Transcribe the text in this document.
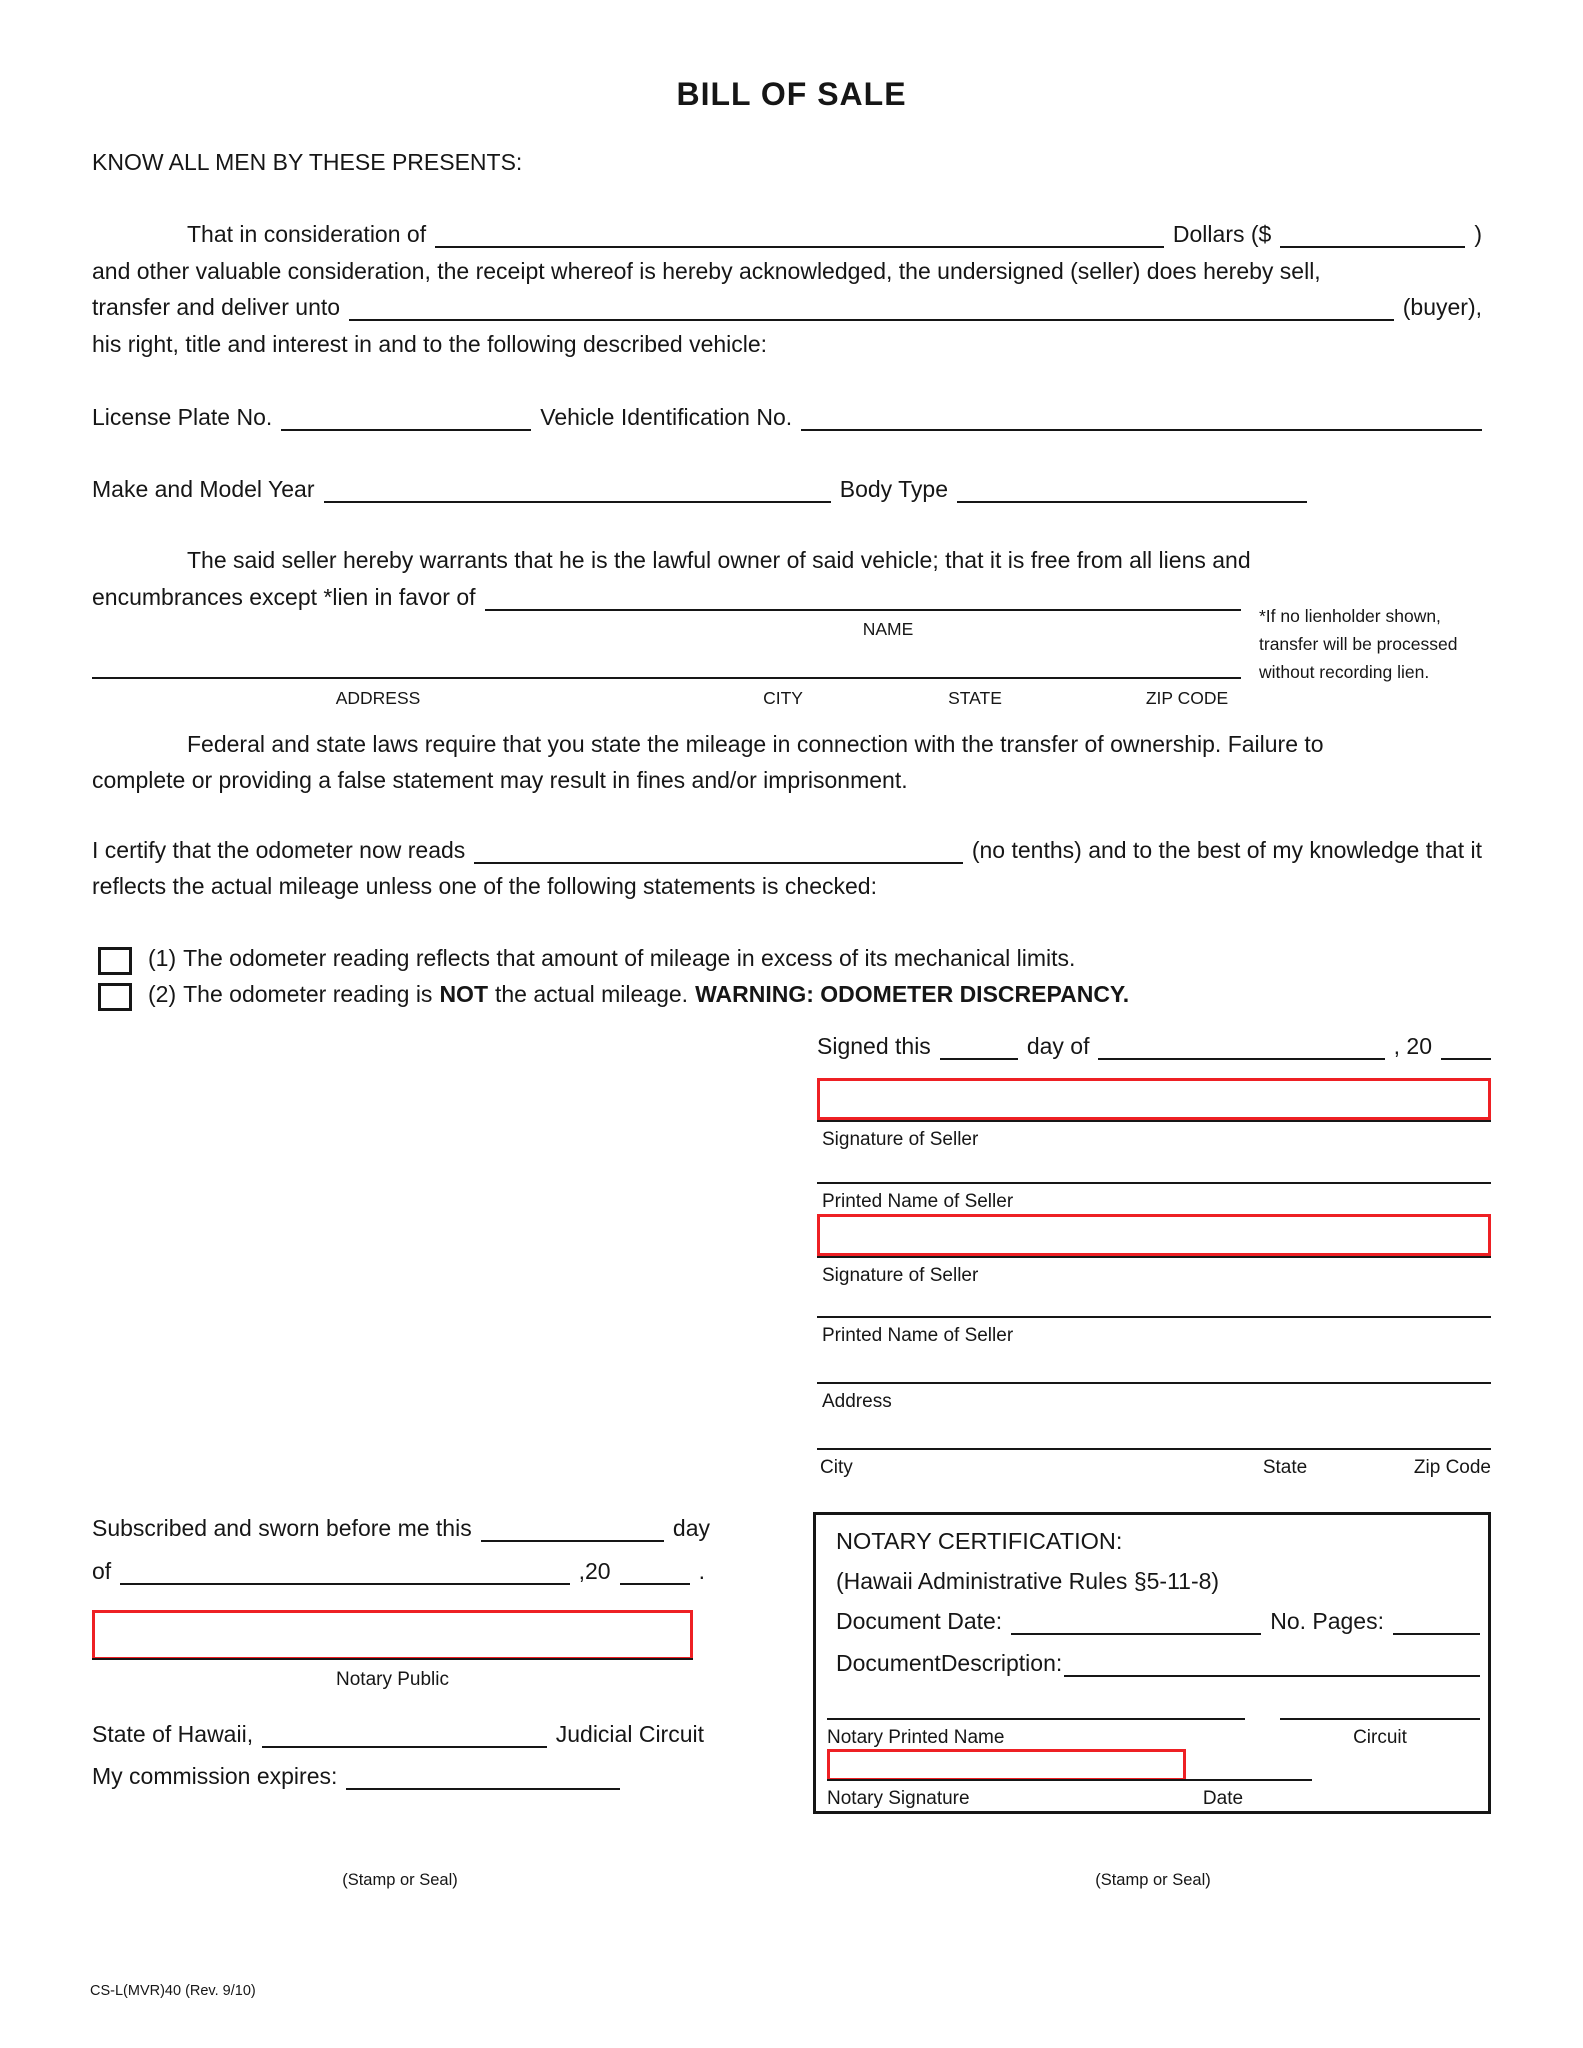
BILL OF SALE
KNOW ALL MEN BY THESE PRESENTS:
That in consideration of	Dollars ($	)
and other valuable consideration, the receipt whereof is hereby acknowledged, the undersigned (seller) does hereby sell,
transfer and deliver unto	(buyer),
his right, title and interest in and to the following described vehicle:
License Plate No.	Vehicle Identification No.
Make and Model Year	Body Type
The said seller hereby warrants that he is the lawful owner of said vehicle; that it is free from all liens and
encumbrances except *lien in favor of
NAME
*If no lienholder shown,
transfer will be processed
without recording lien.
ADDRESS	CITY	STATE	ZIP CODE
Federal and state laws require that you state the mileage in connection with the transfer of ownership. Failure to
complete or providing a false statement may result in fines and/or imprisonment.
I certify that the odometer now reads	(no tenths) and to the best of my knowledge that it
reflects the actual mileage unless one of the following statements is checked:
(1) The odometer reading reflects that amount of mileage in excess of its mechanical limits.
(2) The odometer reading is NOT the actual mileage. WARNING: ODOMETER DISCREPANCY.
Signed this	day of	, 20
Signature of Seller
Printed Name of Seller
Signature of Seller
Printed Name of Seller
Address
City	State	Zip Code
Subscribed and sworn before me this	day
of	,20	.
Notary Public
State of Hawaii,	Judicial Circuit
My commission expires:
NOTARY CERTIFICATION:
(Hawaii Administrative Rules §5-11-8)
Document Date:	No. Pages:
DocumentDescription:
Notary Printed Name	Circuit
Notary Signature	Date
(Stamp or Seal)	(Stamp or Seal)
CS-L(MVR)40 (Rev. 9/10)
